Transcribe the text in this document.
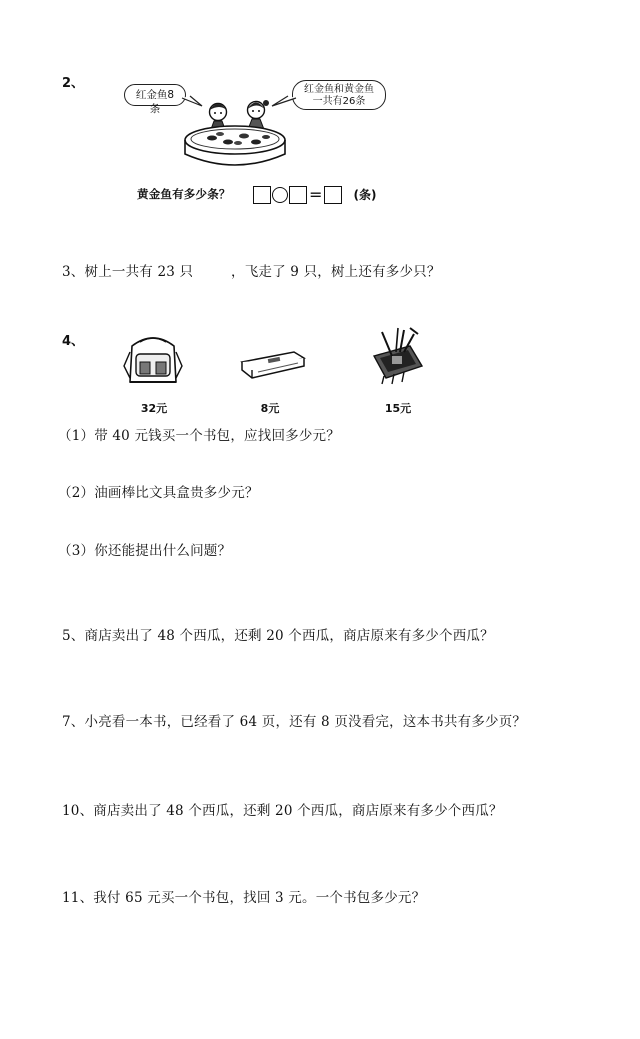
2、
红金鱼8条
红金鱼和黄金鱼
一共有26条
黄金鱼有多少条？	=	(条)
3、树上一共有 23 只	，飞走了 9 只，树上还有多少只？
4、
32元	8元	15元
（1）带 40 元钱买一个书包，应找回多少元？
（2）油画棒比文具盒贵多少元？
（3）你还能提出什么问题？
5、商店卖出了 48 个西瓜，还剩 20 个西瓜，商店原来有多少个西瓜？
7、小亮看一本书，已经看了 64 页，还有 8 页没看完，这本书共有多少页？
10、商店卖出了 48 个西瓜，还剩 20 个西瓜，商店原来有多少个西瓜？
11、我付 65 元买一个书包，找回 3 元。一个书包多少元？
